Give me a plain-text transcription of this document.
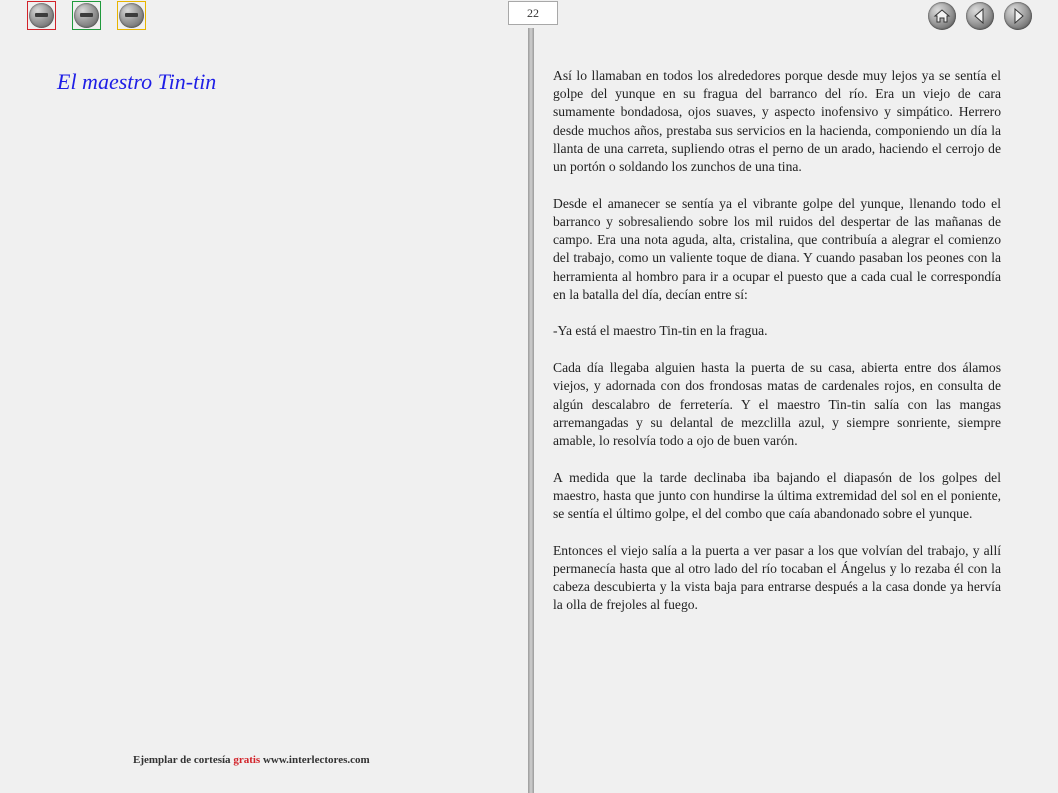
22
El maestro Tin-tin	Así lo llamaban en todos los alrededores porque desde muy lejos ya se sentía el golpe del yunque en su fragua del barranco del río. Era un viejo de cara sumamente bondadosa, ojos suaves, y aspecto inofensivo y simpático. Herrero desde muchos años, prestaba sus servicios en la hacienda, componiendo un día la llanta de una carreta, supliendo otras el perno de un arado, haciendo el cerrojo de un portón o soldando los zunchos de una tina.

Desde el amanecer se sentía ya el vibrante golpe del yunque, llenando todo el barranco y sobresaliendo sobre los mil ruidos del despertar de las mañanas de campo. Era una nota aguda, alta, cristalina, que contribuía a alegrar el comienzo del trabajo, como un valiente toque de diana. Y cuando pasaban los peones con la herramienta al hombro para ir a ocupar el puesto que a cada cual le correspondía en la batalla del día, decían entre sí:

-Ya está el maestro Tin-tin en la fragua.

Cada día llegaba alguien hasta la puerta de su casa, abierta entre dos álamos viejos, y adornada con dos frondosas matas de cardenales rojos, en consulta de algún descalabro de ferretería. Y el maestro Tin-tin salía con las mangas arremangadas y su delantal de mezclilla azul, y siempre sonriente, siempre amable, lo resolvía todo a ojo de buen varón.

A medida que la tarde declinaba iba bajando el diapasón de los golpes del maestro, hasta que junto con hundirse la última extremidad del sol en el poniente, se sentía el último golpe, el del combo que caía abandonado sobre el yunque.

Entonces el viejo salía a la puerta a ver pasar a los que volvían del trabajo, y allí permanecía hasta que al otro lado del río tocaban el Ángelus y lo rezaba él con la cabeza descubierta y la vista baja para entrarse después a la casa donde ya hervía la olla de frejoles al fuego.

Ejemplar de cortesía gratis www.interlectores.com
